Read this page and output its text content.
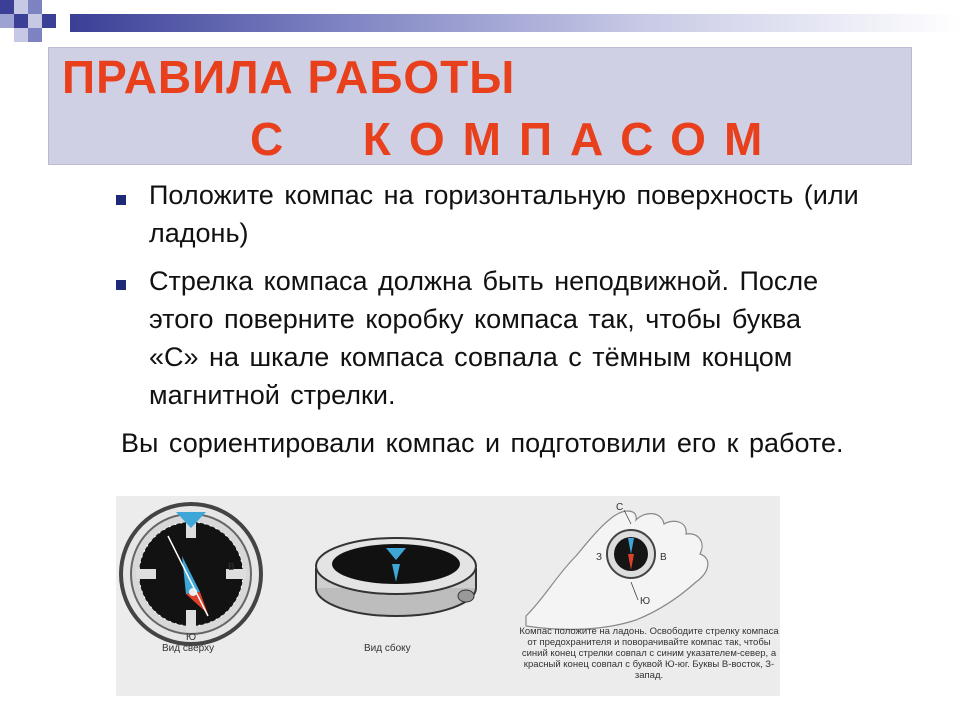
ПРАВИЛА РАБОТЫ
С  КОМПАСОМ
Положите компас на горизонтальную поверхность (или ладонь)
Стрелка компаса должна быть неподвижной. После этого поверните коробку компаса так, чтобы буква «С» на шкале компаса совпала с тёмным концом магнитной стрелки.
Вы сориентировали компас и подготовили его к работе.
Ю
В
Вид сверху	Вид сбоку
С
Ю
З	В
Компас положите на ладонь. Освободите стрелку компаса от предохранителя и поворачивайте компас так, чтобы синий конец стрелки совпал с синим указателем-север, а красный конец совпал с буквой Ю-юг. Буквы В-восток, З-запад.
